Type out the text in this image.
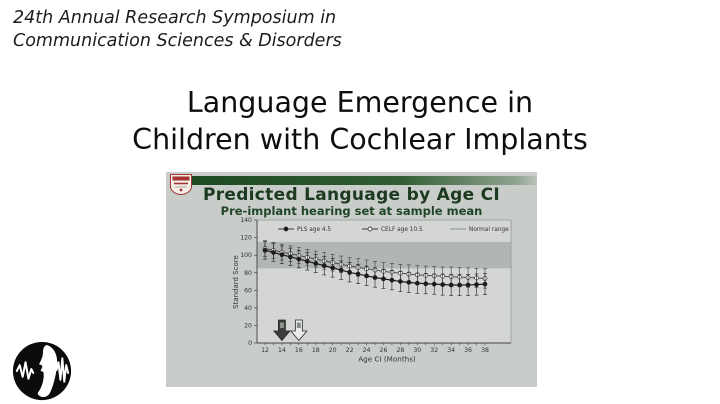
24th Annual Research Symposium in
Communication Sciences & Disorders
Language Emergence in
Children with Cochlear Implants
Predicted Language by Age CI
Pre-implant hearing set at sample mean
0
20
40
60
80
100
120
140
12 14 16 18 20 22 24 26 28 30 32 34 36 38
Standard Score
Age CI (Months)
PLS age 4.5	CELF age 10.5	Normal range
